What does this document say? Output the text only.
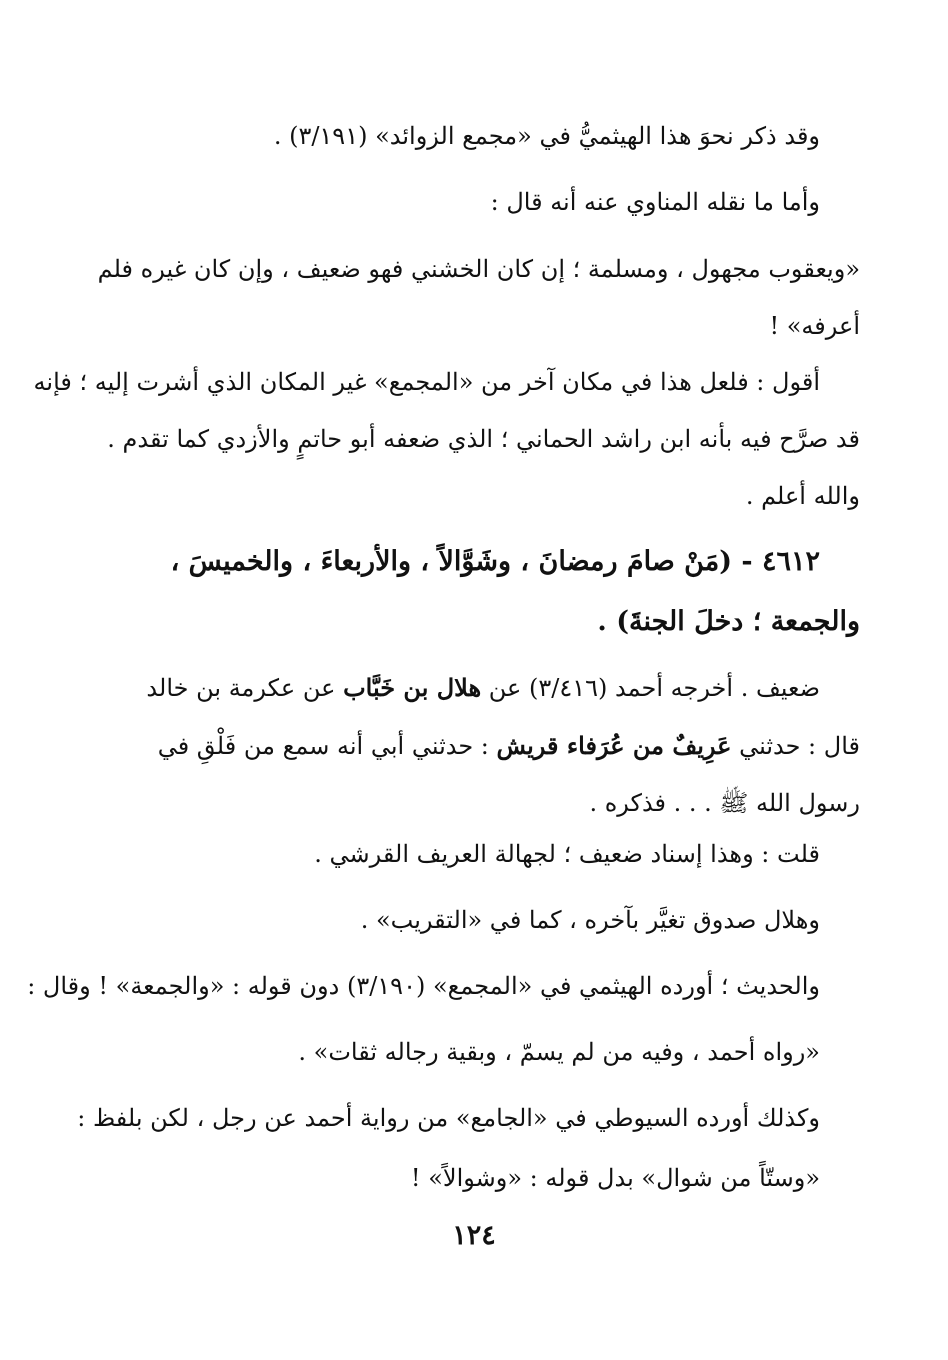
وقد ذكر نحوَ هذا الهيثميُّ في «مجمع الزوائد» (٣/١٩١) .
وأما ما نقله المناوي عنه أنه قال :
«ويعقوب مجهول ، ومسلمة ؛ إن كان الخشني فهو ضعيف ، وإن كان غيره فلم
أعرفه» !
أقول : فلعل هذا في مكان آخر من «المجمع» غير المكان الذي أشرت إليه ؛ فإنه
قد صرَّح فيه بأنه ابن راشد الحماني ؛ الذي ضعفه أبو حاتمٍ والأزدي كما تقدم .
والله أعلم .
٤٦١٢ - (مَنْ صامَ رمضانَ ، وشَوَّالاً ، والأربعاءَ ، والخميسَ ،
والجمعة ؛ دخلَ الجنةَ) .
ضعيف . أخرجه أحمد (٣/٤١٦) عن هلال بن خَبَّاب عن عكرمة بن خالد
قال : حدثني عَرِيفٌ من عُرَفاء قريش : حدثني أبي أنه سمع من فَلْقِ في
رسول الله ﷺ . . . فذكره .
قلت : وهذا إسناد ضعيف ؛ لجهالة العريف القرشي .
وهلال صدوق تغيَّر بآخره ، كما في «التقريب» .
والحديث ؛ أورده الهيثمي في «المجمع» (٣/١٩٠) دون قوله : «والجمعة» ! وقال :
«رواه أحمد ، وفيه من لم يسمّ ، وبقية رجاله ثقات» .
وكذلك أورده السيوطي في «الجامع» من رواية أحمد عن رجل ، لكن بلفظ :
«وستّاً من شوال» بدل قوله : «وشوالاً» !
١٢٤
